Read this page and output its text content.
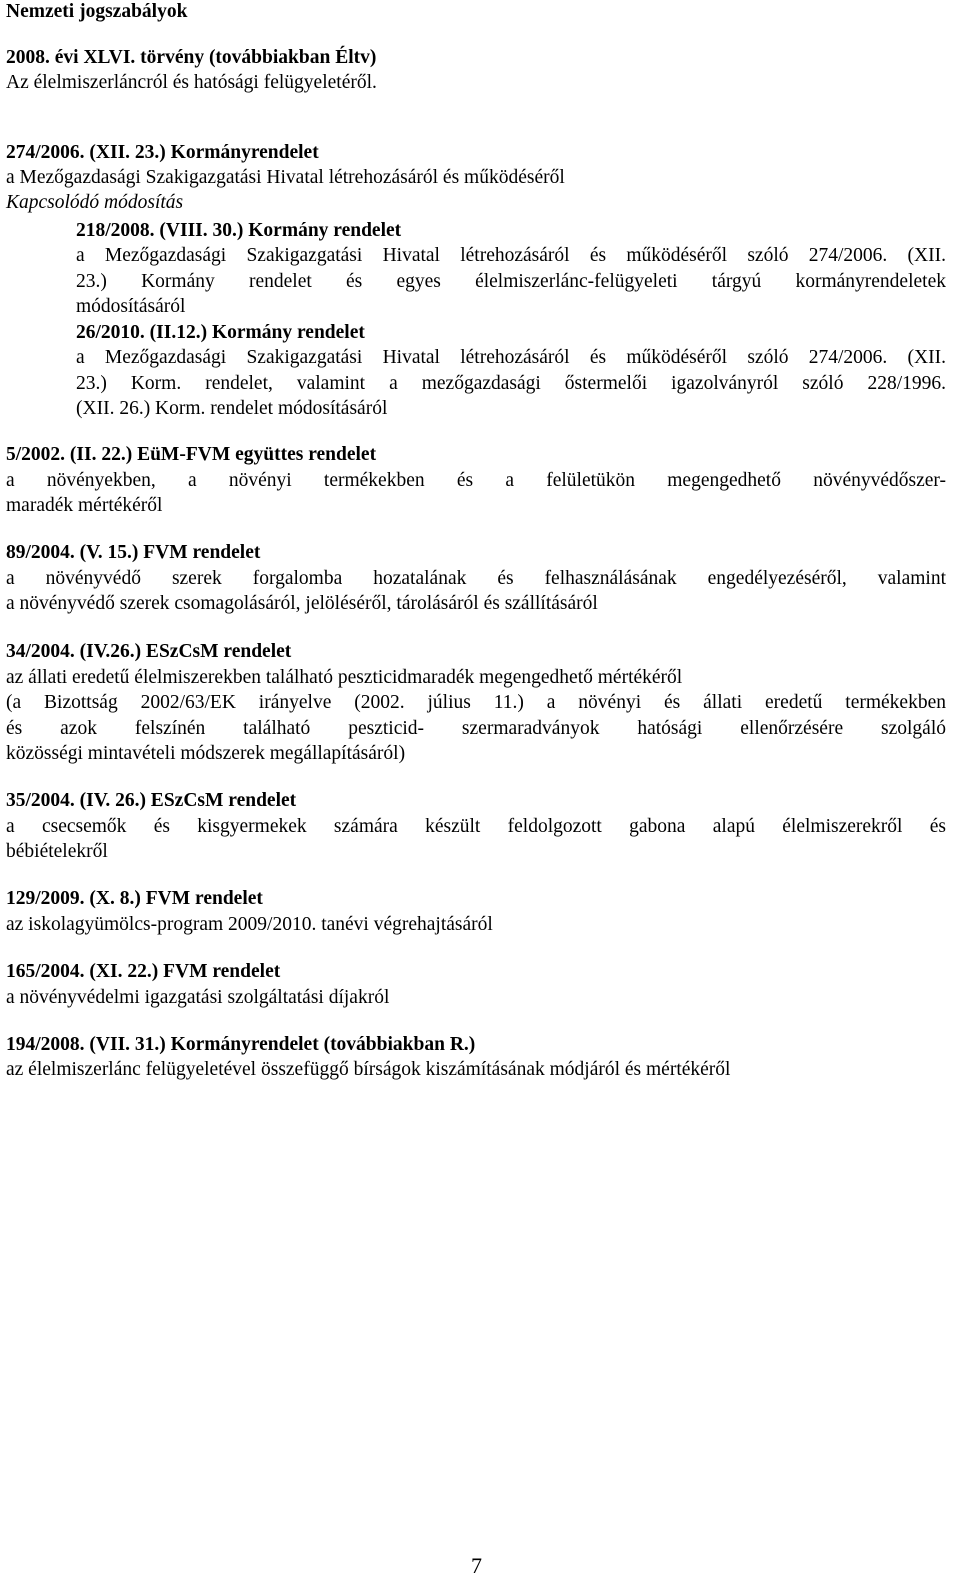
Nemzeti jogszabályok
2008. évi XLVI. törvény (továbbiakban Éltv)
Az élelmiszerláncról és hatósági felügyeletéről.
274/2006. (XII. 23.) Kormányrendelet
a Mezőgazdasági Szakigazgatási Hivatal létrehozásáról és működéséről
Kapcsolódó módosítás
218/2008. (VIII. 30.) Kormány rendelet
a Mezőgazdasági Szakigazgatási Hivatal létrehozásáról és működéséről szóló 274/2006. (XII.
23.) Kormány rendelet és egyes élelmiszerlánc-felügyeleti tárgyú kormányrendeletek
módosításáról
26/2010. (II.12.) Kormány rendelet
a Mezőgazdasági Szakigazgatási Hivatal létrehozásáról és működéséről szóló 274/2006. (XII.
23.) Korm. rendelet, valamint a mezőgazdasági őstermelői igazolványról szóló 228/1996.
(XII. 26.) Korm. rendelet módosításáról
5/2002. (II. 22.) EüM-FVM együttes rendelet
a növényekben, a növényi termékekben és a felületükön megengedhető növényvédőszer-
maradék mértékéről
89/2004. (V. 15.) FVM rendelet
a növényvédő szerek forgalomba hozatalának és felhasználásának engedélyezéséről, valamint
a növényvédő szerek csomagolásáról, jelöléséről, tárolásáról és szállításáról
34/2004. (IV.26.) ESzCsM rendelet
az állati eredetű élelmiszerekben található peszticidmaradék megengedhető mértékéről
(a Bizottság 2002/63/EK irányelve (2002. július 11.) a növényi és állati eredetű termékekben
és azok felszínén található peszticid- szermaradványok hatósági ellenőrzésére szolgáló
közösségi mintavételi módszerek megállapításáról)
35/2004. (IV. 26.) ESzCsM rendelet
a csecsemők és kisgyermekek számára készült feldolgozott gabona alapú élelmiszerekről és
bébiételekről
129/2009. (X. 8.) FVM rendelet
az iskolagyümölcs-program 2009/2010. tanévi végrehajtásáról
165/2004. (XI. 22.) FVM rendelet
a növényvédelmi igazgatási szolgáltatási díjakról
194/2008. (VII. 31.) Kormányrendelet (továbbiakban R.)
az élelmiszerlánc felügyeletével összefüggő bírságok kiszámításának módjáról és mértékéről
7
